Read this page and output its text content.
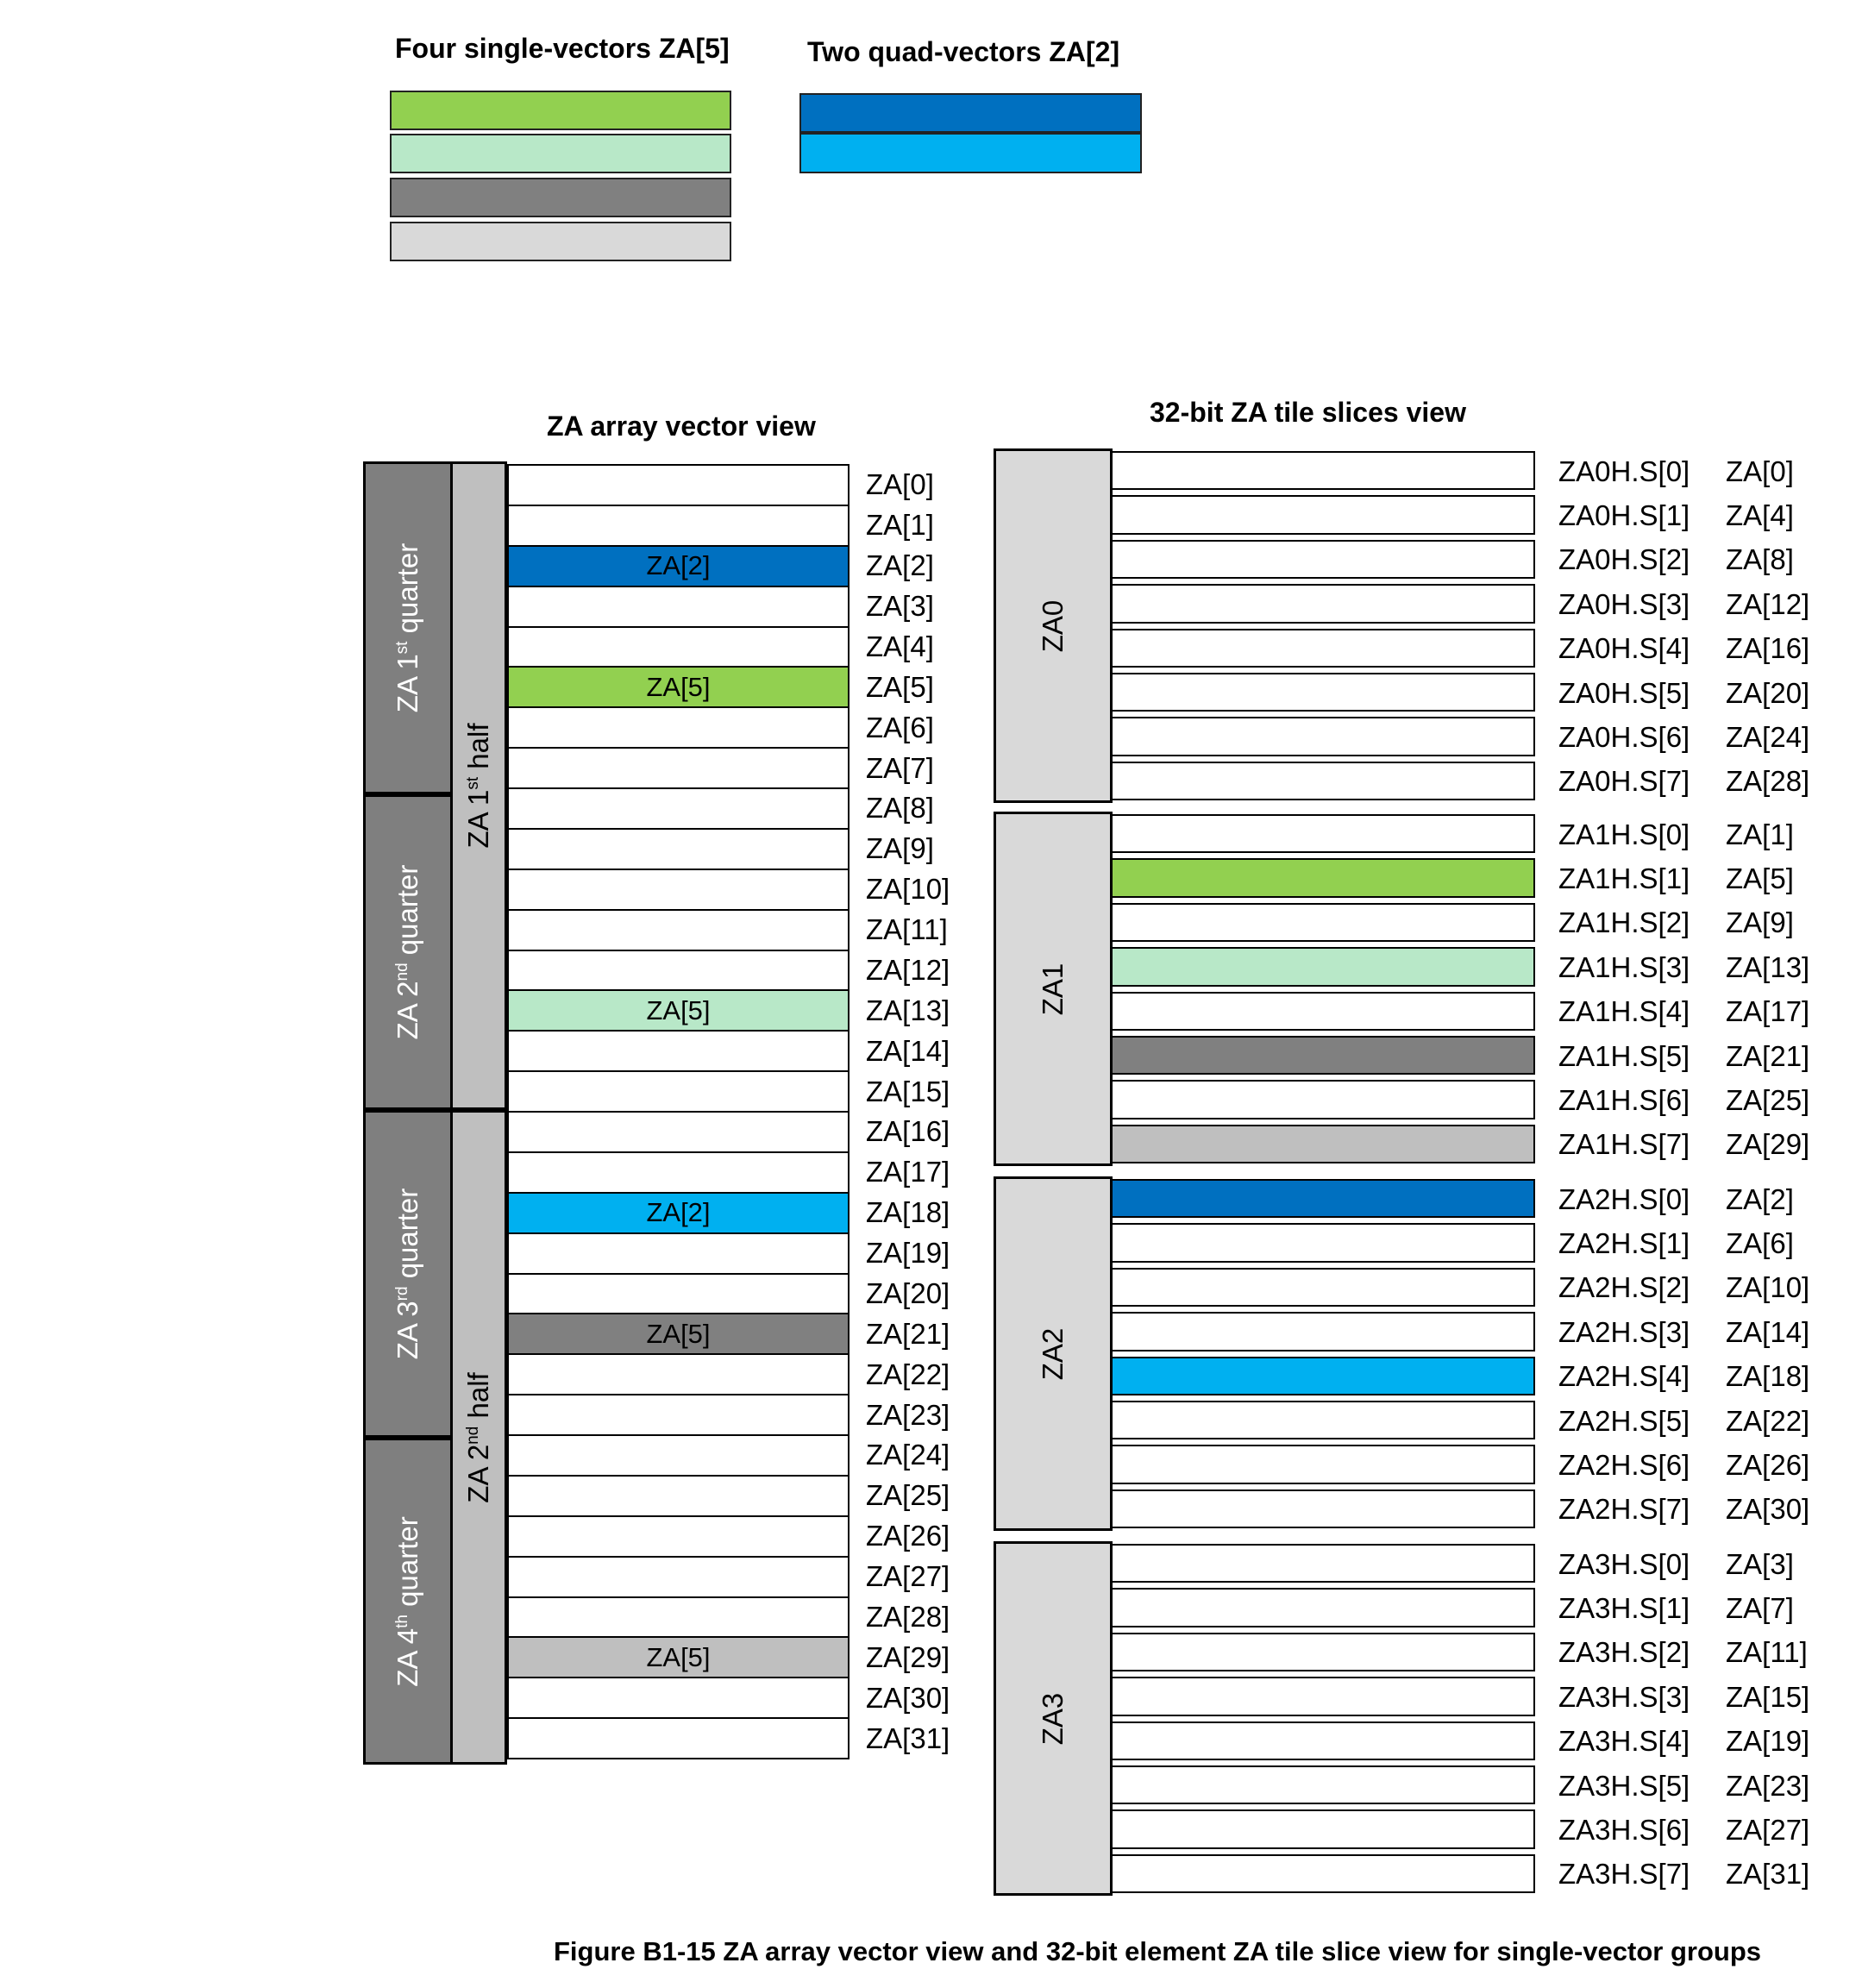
Four single-vectors ZA[5]	Two quad-vectors ZA[2]
ZA array vector view
ZA 1st quarter
ZA 2nd quarter
ZA 3rd quarter
ZA 4th quarter
ZA 1st half
ZA 2nd half
ZA[0]
ZA[1]
ZA[2]	ZA[2]
ZA[3]
ZA[4]
ZA[5]	ZA[5]
ZA[6]
ZA[7]
ZA[8]
ZA[9]
ZA[10]
ZA[11]
ZA[12]
ZA[5]	ZA[13]
ZA[14]
ZA[15]
ZA[16]
ZA[17]
ZA[2]	ZA[18]
ZA[19]
ZA[20]
ZA[5]	ZA[21]
ZA[22]
ZA[23]
ZA[24]
ZA[25]
ZA[26]
ZA[27]
ZA[28]
ZA[5]	ZA[29]
ZA[30]
ZA[31]
32-bit ZA tile slices view
ZA0
ZA0H.S[0] ZA[0]
ZA0H.S[1] ZA[4]
ZA0H.S[2] ZA[8]
ZA0H.S[3] ZA[12]
ZA0H.S[4] ZA[16]
ZA0H.S[5] ZA[20]
ZA0H.S[6] ZA[24]
ZA0H.S[7] ZA[28]
ZA1
ZA1H.S[0] ZA[1]
ZA1H.S[1] ZA[5]
ZA1H.S[2] ZA[9]
ZA1H.S[3] ZA[13]
ZA1H.S[4] ZA[17]
ZA1H.S[5] ZA[21]
ZA1H.S[6] ZA[25]
ZA1H.S[7] ZA[29]
ZA2
ZA2H.S[0] ZA[2]
ZA2H.S[1] ZA[6]
ZA2H.S[2] ZA[10]
ZA2H.S[3] ZA[14]
ZA2H.S[4] ZA[18]
ZA2H.S[5] ZA[22]
ZA2H.S[6] ZA[26]
ZA2H.S[7] ZA[30]
ZA3
ZA3H.S[0] ZA[3]
ZA3H.S[1] ZA[7]
ZA3H.S[2] ZA[11]
ZA3H.S[3] ZA[15]
ZA3H.S[4] ZA[19]
ZA3H.S[5] ZA[23]
ZA3H.S[6] ZA[27]
ZA3H.S[7] ZA[31]
Figure B1-15 ZA array vector view and 32-bit element ZA tile slice view for single-vector groups
